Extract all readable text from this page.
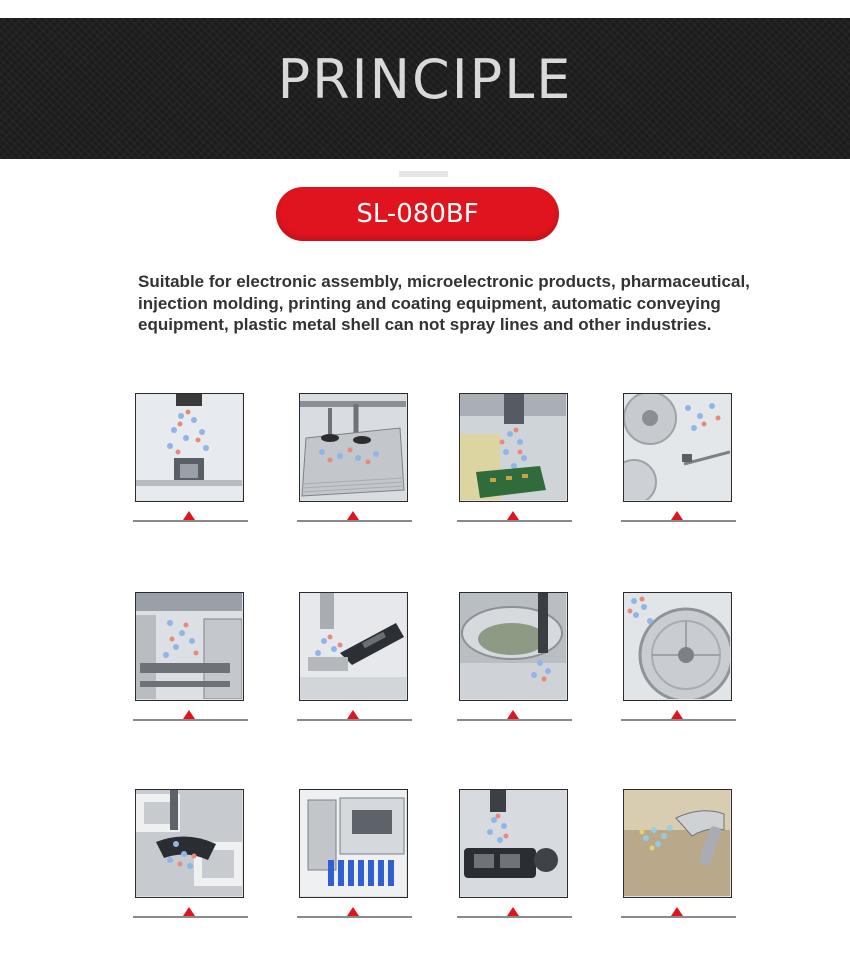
PRINCIPLE
SL-080BF
Suitable for electronic assembly, microelectronic products, pharmaceutical, injection molding, printing and coating equipment, automatic conveying equipment, plastic metal shell can not spray lines and other industries.
